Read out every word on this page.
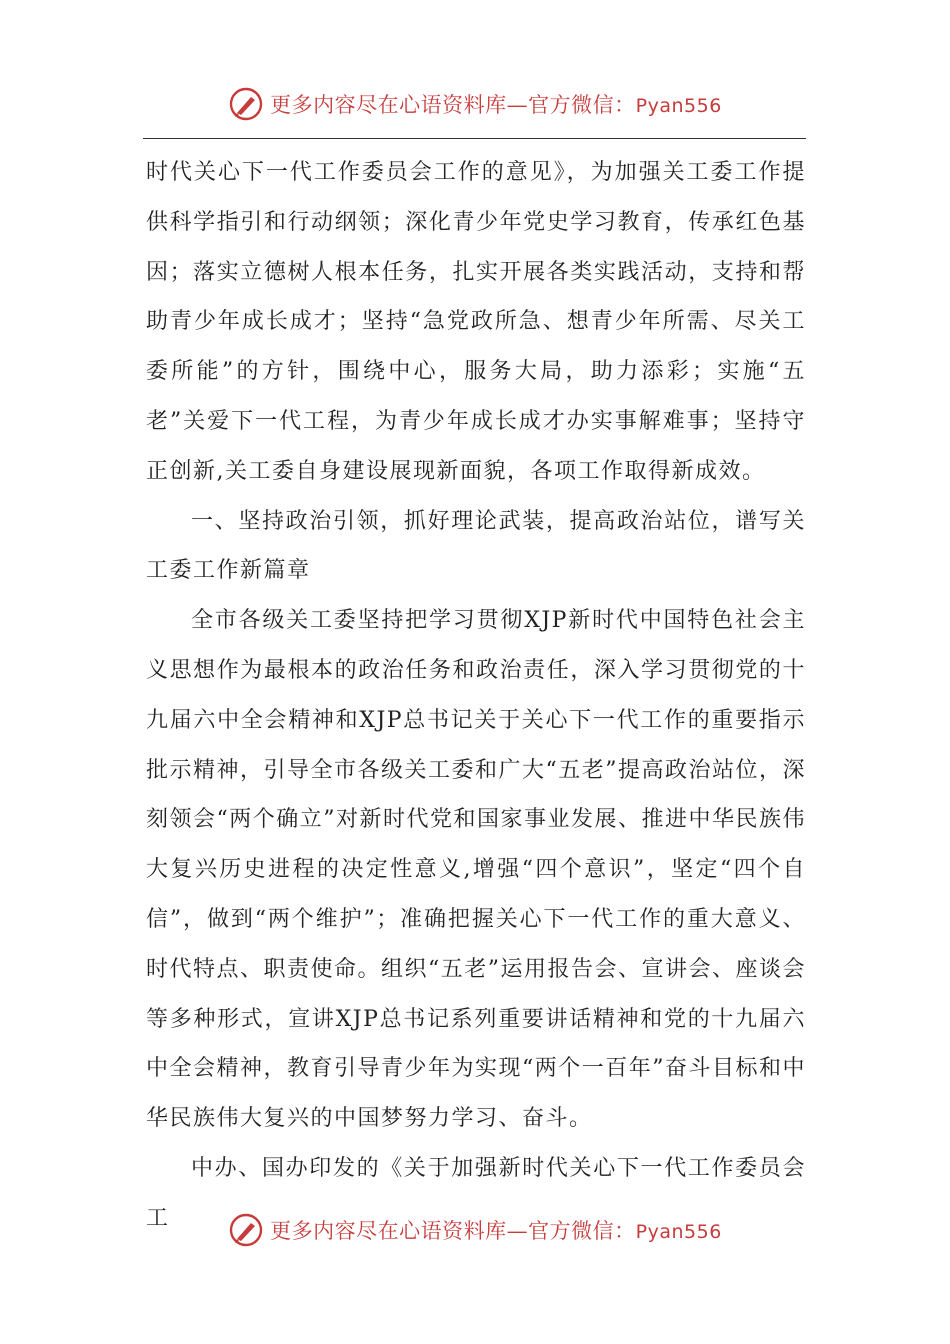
更多内容尽在心语资料库—官方微信：Pyan556

时代关心下一代工作委员会工作的意见》，为加强关工委工作提供科学指引和行动纲领；深化青少年党史学习教育，传承红色基因；落实立德树人根本任务，扎实开展各类实践活动，支持和帮助青少年成长成才；坚持“急党政所急、想青少年所需、尽关工委所能”的方针，围绕中心，服务大局，助力添彩；实施“五老”关爱下一代工程，为青少年成长成才办实事解难事；坚持守正创新,关工委自身建设展现新面貌，各项工作取得新成效。

一、坚持政治引领，抓好理论武装，提高政治站位，谱写关工委工作新篇章

全市各级关工委坚持把学习贯彻XJP新时代中国特色社会主义思想作为最根本的政治任务和政治责任，深入学习贯彻党的十九届六中全会精神和XJP总书记关于关心下一代工作的重要指示批示精神，引导全市各级关工委和广大“五老”提高政治站位，深刻领会“两个确立”对新时代党和国家事业发展、推进中华民族伟大复兴历史进程的决定性意义,增强“四个意识”，坚定“四个自信”，做到“两个维护”；准确把握关心下一代工作的重大意义、时代特点、职责使命。组织“五老”运用报告会、宣讲会、座谈会等多种形式，宣讲XJP总书记系列重要讲话精神和党的十九届六中全会精神，教育引导青少年为实现“两个一百年”奋斗目标和中华民族伟大复兴的中国梦努力学习、奋斗。

中办、国办印发的《关于加强新时代关心下一代工作委员会工

更多内容尽在心语资料库—官方微信：Pyan556
